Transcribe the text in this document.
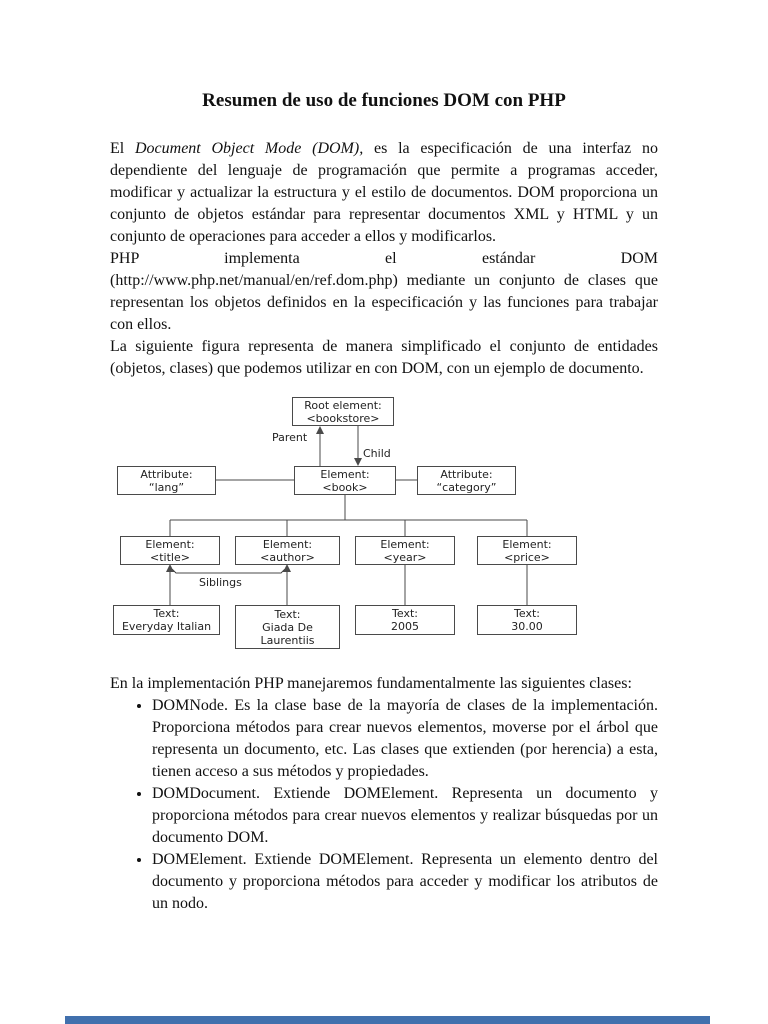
Resumen de uso de funciones DOM con PHP

El Document Object Mode (DOM), es la especificación de una interfaz no dependiente del lenguaje de programación que permite a programas acceder, modificar y actualizar la estructura y el estilo de documentos. DOM proporciona un conjunto de objetos estándar para representar documentos XML y HTML y un conjunto de operaciones para acceder a ellos y modificarlos.

PHP implementa el estándar DOM

(http://www.php.net/manual/en/ref.dom.php) mediante un conjunto de clases que representan los objetos definidos en la especificación y las funciones para trabajar con ellos.

La siguiente figura representa de manera simplificado el conjunto de entidades (objetos, clases) que podemos utilizar en con DOM, con un ejemplo de documento.

Parent
Child
Siblings
Root element:
<bookstore>
Attribute:
“lang”
Element:
<book>
Attribute:
“category”
Element:
<title>
Element:
<author>
Element:
<year>
Element:
<price>
Text:
Everyday Italian
Text:
Giada De
Laurentiis
Text:
2005
Text:
30.00

En la implementación PHP manejaremos fundamentalmente las siguientes clases:

• DOMNode. Es la clase base de la mayoría de clases de la implementación. Proporciona métodos para crear nuevos elementos, moverse por el árbol que representa un documento, etc. Las clases que extienden (por herencia) a esta, tienen acceso a sus métodos y propiedades.
• DOMDocument. Extiende DOMElement. Representa un documento y proporciona métodos para crear nuevos elementos y realizar búsquedas por un documento DOM.
• DOMElement. Extiende DOMElement. Representa un elemento dentro del documento y proporciona métodos para acceder y modificar los atributos de un nodo.
